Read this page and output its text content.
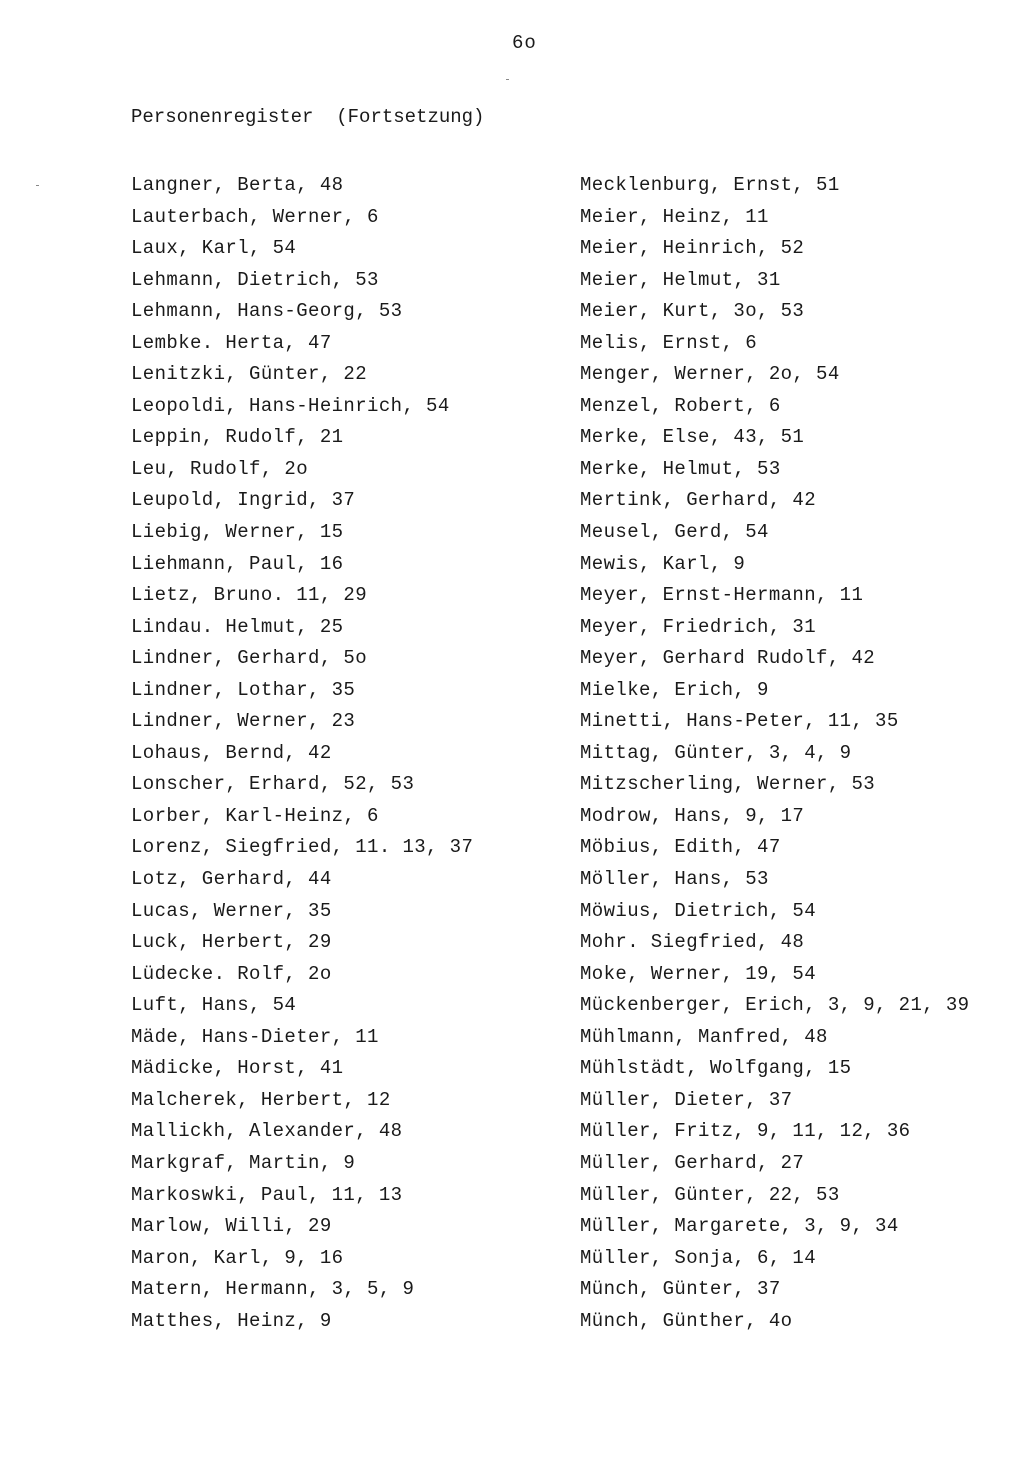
6o
Personenregister  (Fortsetzung)
Langner, Berta, 48
Lauterbach, Werner, 6
Laux, Karl, 54
Lehmann, Dietrich, 53
Lehmann, Hans-Georg, 53
Lembke. Herta, 47
Lenitzki, Günter, 22
Leopoldi, Hans-Heinrich, 54
Leppin, Rudolf, 21
Leu, Rudolf, 2o
Leupold, Ingrid, 37
Liebig, Werner, 15
Liehmann, Paul, 16
Lietz, Bruno. 11, 29
Lindau. Helmut, 25
Lindner, Gerhard, 5o
Lindner, Lothar, 35
Lindner, Werner, 23
Lohaus, Bernd, 42
Lonscher, Erhard, 52, 53
Lorber, Karl-Heinz, 6
Lorenz, Siegfried, 11. 13, 37
Lotz, Gerhard, 44
Lucas, Werner, 35
Luck, Herbert, 29
Lüdecke. Rolf, 2o
Luft, Hans, 54
Mäde, Hans-Dieter, 11
Mädicke, Horst, 41
Malcherek, Herbert, 12
Mallickh, Alexander, 48
Markgraf, Martin, 9
Markoswki, Paul, 11, 13
Marlow, Willi, 29
Maron, Karl, 9, 16
Matern, Hermann, 3, 5, 9
Matthes, Heinz, 9
Mecklenburg, Ernst, 51
Meier, Heinz, 11
Meier, Heinrich, 52
Meier, Helmut, 31
Meier, Kurt, 3o, 53
Melis, Ernst, 6
Menger, Werner, 2o, 54
Menzel, Robert, 6
Merke, Else, 43, 51
Merke, Helmut, 53
Mertink, Gerhard, 42
Meusel, Gerd, 54
Mewis, Karl, 9
Meyer, Ernst-Hermann, 11
Meyer, Friedrich, 31
Meyer, Gerhard Rudolf, 42
Mielke, Erich, 9
Minetti, Hans-Peter, 11, 35
Mittag, Günter, 3, 4, 9
Mitzscherling, Werner, 53
Modrow, Hans, 9, 17
Möbius, Edith, 47
Möller, Hans, 53
Möwius, Dietrich, 54
Mohr. Siegfried, 48
Moke, Werner, 19, 54
Mückenberger, Erich, 3, 9, 21, 39
Mühlmann, Manfred, 48
Mühlstädt, Wolfgang, 15
Müller, Dieter, 37
Müller, Fritz, 9, 11, 12, 36
Müller, Gerhard, 27
Müller, Günter, 22, 53
Müller, Margarete, 3, 9, 34
Müller, Sonja, 6, 14
Münch, Günter, 37
Münch, Günther, 4o
